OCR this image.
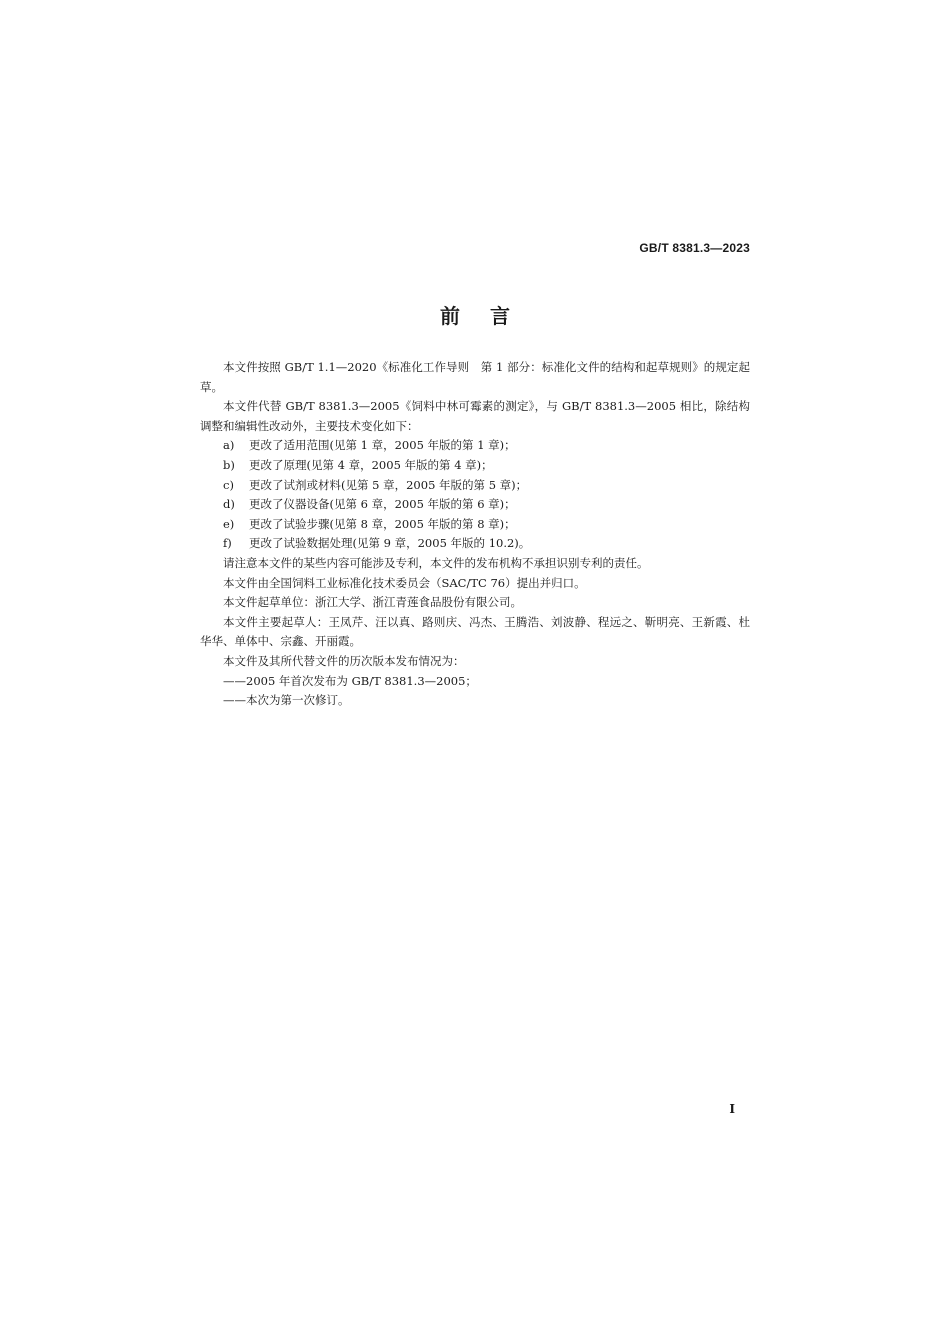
GB/T 8381.3—2023
前言

本文件按照 GB/T 1.1—2020《标准化工作导则　第 1 部分：标准化文件的结构和起草规则》的规定起草。

本文件代替 GB/T 8381.3—2005《饲料中林可霉素的测定》，与 GB/T 8381.3—2005 相比，除结构调整和编辑性改动外，主要技术变化如下：

a) 更改了适用范围(见第 1 章，2005 年版的第 1 章)；

b) 更改了原理(见第 4 章，2005 年版的第 4 章)；

c) 更改了试剂或材料(见第 5 章，2005 年版的第 5 章)；

d) 更改了仪器设备(见第 6 章，2005 年版的第 6 章)；

e) 更改了试验步骤(见第 8 章，2005 年版的第 8 章)；

f) 更改了试验数据处理(见第 9 章，2005 年版的 10.2)。

请注意本文件的某些内容可能涉及专利，本文件的发布机构不承担识别专利的责任。

本文件由全国饲料工业标准化技术委员会（SAC/TC 76）提出并归口。

本文件起草单位：浙江大学、浙江青莲食品股份有限公司。

本文件主要起草人：王凤芹、汪以真、路则庆、冯杰、王腾浩、刘波静、程远之、靳明亮、王新霞、杜华华、单体中、宗鑫、开丽霞。

本文件及其所代替文件的历次版本发布情况为：

——2005 年首次发布为 GB/T 8381.3—2005；

——本次为第一次修订。

I
